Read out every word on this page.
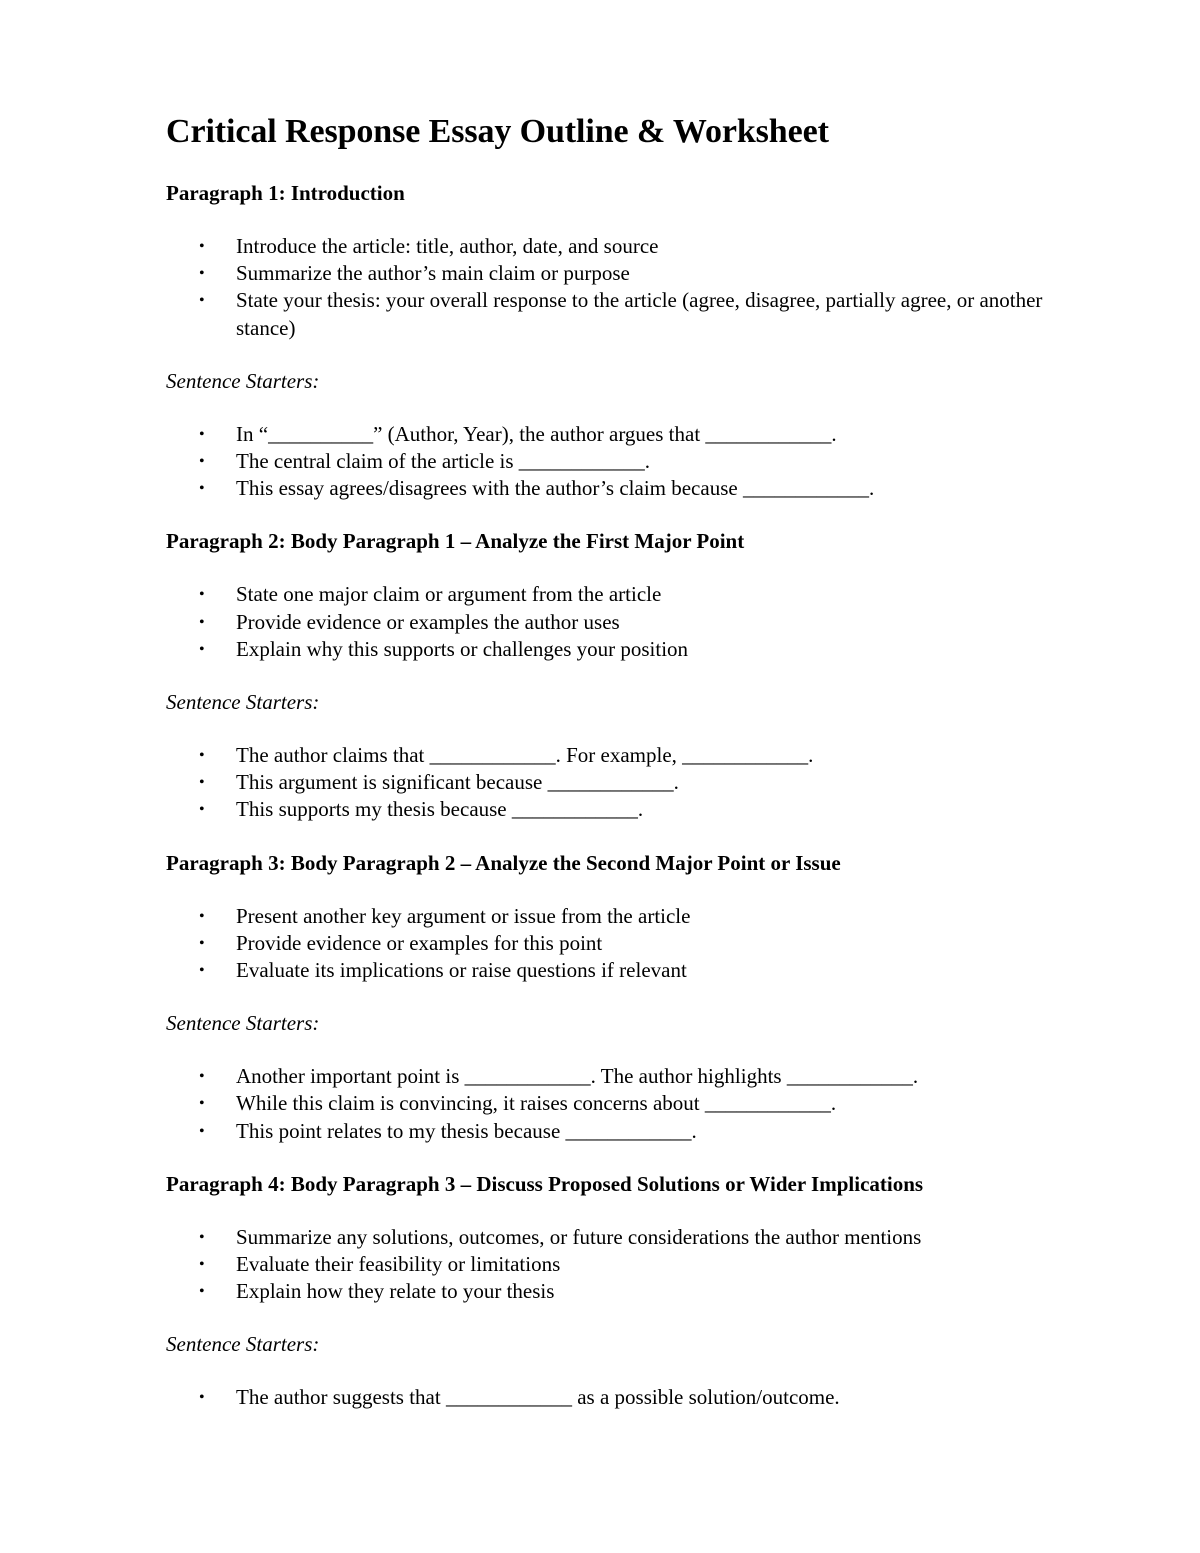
Critical Response Essay Outline & Worksheet

Paragraph 1: Introduction

• Introduce the article: title, author, date, and source
• Summarize the author’s main claim or purpose
• State your thesis: your overall response to the article (agree, disagree, partially agree, or another stance)

Sentence Starters:

• In “__________” (Author, Year), the author argues that ____________.
• The central claim of the article is ____________.
• This essay agrees/disagrees with the author’s claim because ____________.

Paragraph 2: Body Paragraph 1 – Analyze the First Major Point

• State one major claim or argument from the article
• Provide evidence or examples the author uses
• Explain why this supports or challenges your position

Sentence Starters:

• The author claims that ____________. For example, ____________.
• This argument is significant because ____________.
• This supports my thesis because ____________.

Paragraph 3: Body Paragraph 2 – Analyze the Second Major Point or Issue

• Present another key argument or issue from the article
• Provide evidence or examples for this point
• Evaluate its implications or raise questions if relevant

Sentence Starters:

• Another important point is ____________. The author highlights ____________.
• While this claim is convincing, it raises concerns about ____________.
• This point relates to my thesis because ____________.

Paragraph 4: Body Paragraph 3 – Discuss Proposed Solutions or Wider Implications

• Summarize any solutions, outcomes, or future considerations the author mentions
• Evaluate their feasibility or limitations
• Explain how they relate to your thesis

Sentence Starters:

• The author suggests that ____________ as a possible solution/outcome.
